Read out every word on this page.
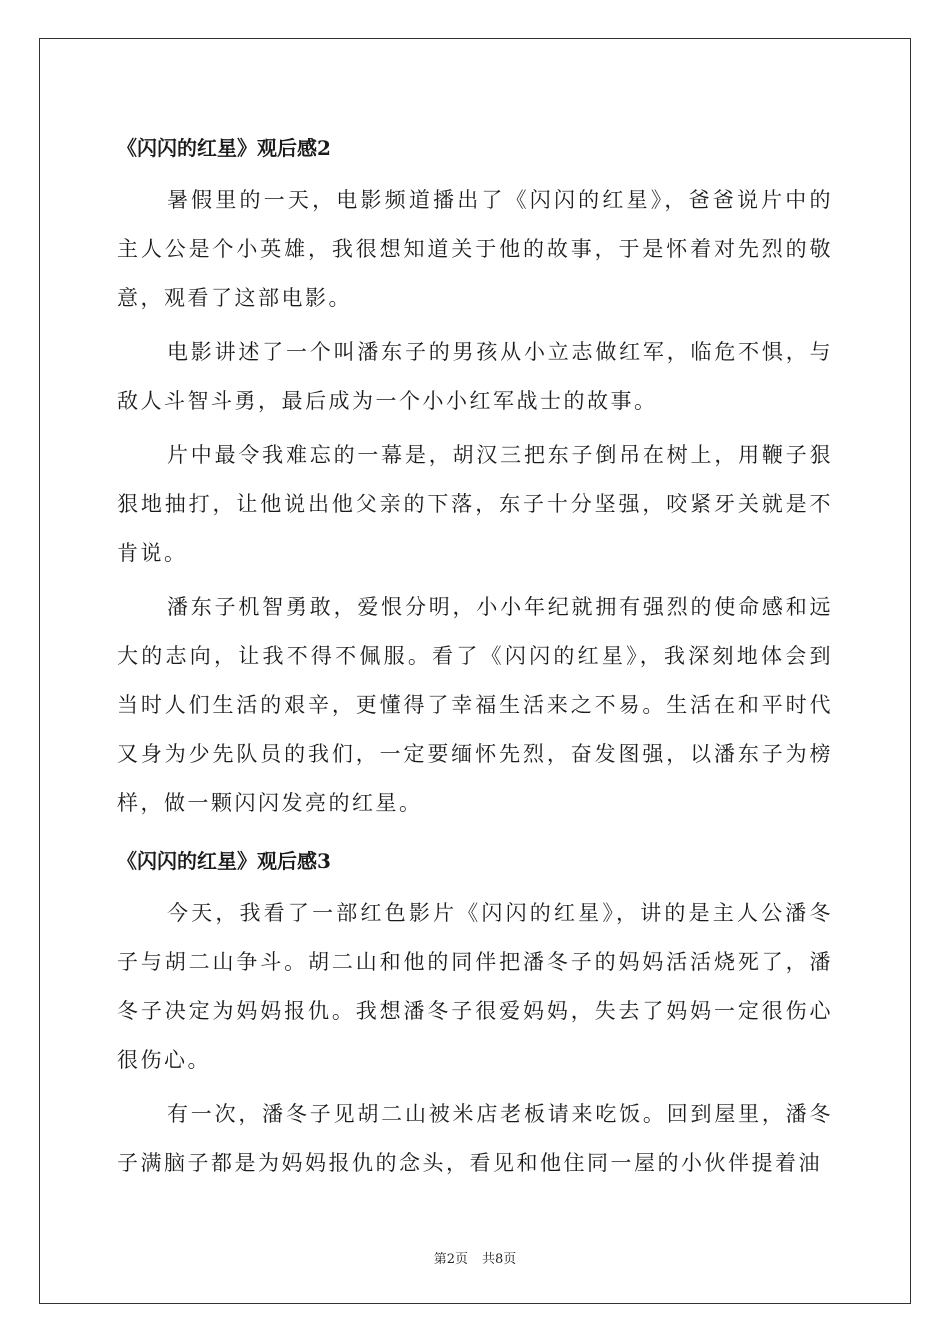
《闪闪的红星》观后感2

暑假里的一天，电影频道播出了《闪闪的红星》，爸爸说片中的主人公是个小英雄，我很想知道关于他的故事，于是怀着对先烈的敬意，观看了这部电影。

电影讲述了一个叫潘东子的男孩从小立志做红军，临危不惧，与敌人斗智斗勇，最后成为一个小小红军战士的故事。

片中最令我难忘的一幕是，胡汉三把东子倒吊在树上，用鞭子狠狠地抽打，让他说出他父亲的下落，东子十分坚强，咬紧牙关就是不肯说。

潘东子机智勇敢，爱恨分明，小小年纪就拥有强烈的使命感和远大的志向，让我不得不佩服。看了《闪闪的红星》，我深刻地体会到当时人们生活的艰辛，更懂得了幸福生活来之不易。生活在和平时代又身为少先队员的我们，一定要缅怀先烈，奋发图强，以潘东子为榜样，做一颗闪闪发亮的红星。

《闪闪的红星》观后感3

今天，我看了一部红色影片《闪闪的红星》，讲的是主人公潘冬子与胡二山争斗。胡二山和他的同伴把潘冬子的妈妈活活烧死了，潘冬子决定为妈妈报仇。我想潘冬子很爱妈妈，失去了妈妈一定很伤心很伤心。

有一次，潘冬子见胡二山被米店老板请来吃饭。回到屋里，潘冬子满脑子都是为妈妈报仇的念头，看见和他住同一屋的小伙伴提着油

第2页 共8页
